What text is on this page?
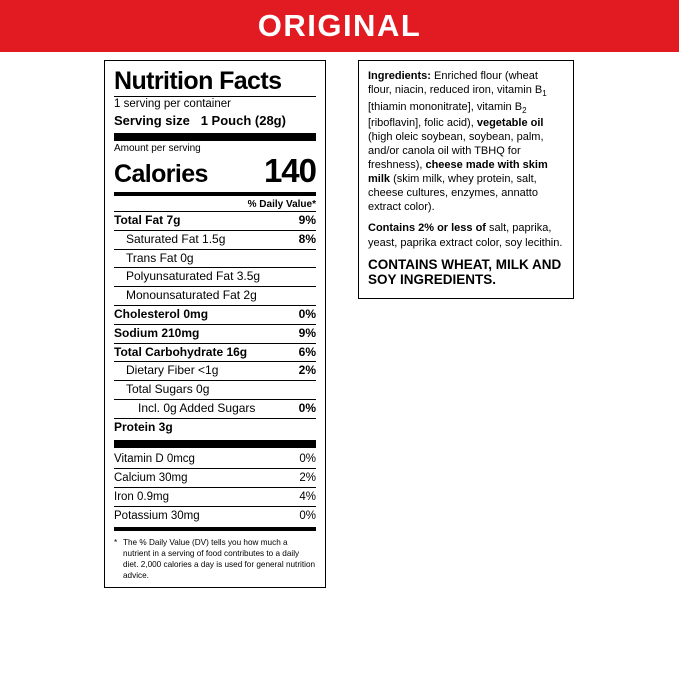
ORIGINAL
Nutrition Facts
1 serving per container
Serving size 1 Pouch (28g)
Amount per serving
Calories 140
% Daily Value*
Total Fat 7g	9%
Saturated Fat 1.5g	8%
Trans Fat 0g
Polyunsaturated Fat 3.5g
Monounsaturated Fat 2g
Cholesterol 0mg	0%
Sodium 210mg	9%
Total Carbohydrate 16g	6%
Dietary Fiber <1g	2%
Total Sugars 0g
Incl. 0g Added Sugars	0%
Protein 3g
Vitamin D 0mcg	0%
Calcium 30mg	2%
Iron 0.9mg	4%
Potassium 30mg	0%
* The % Daily Value (DV) tells you how much a nutrient in a serving of food contributes to a daily diet. 2,000 calories a day is used for general nutrition advice.

Ingredients: Enriched flour (wheat flour, niacin, reduced iron, vitamin $B_1$ [thiamin mononitrate], vitamin $B_2$ [riboflavin], folic acid), vegetable oil (high oleic soybean, soybean, palm, and/or canola oil with TBHQ for freshness), cheese made with skim milk (skim milk, whey protein, salt, cheese cultures, enzymes, annatto extract color).

Contains 2% or less of salt, paprika, yeast, paprika extract color, soy lecithin.

CONTAINS WHEAT, MILK AND SOY INGREDIENTS.
